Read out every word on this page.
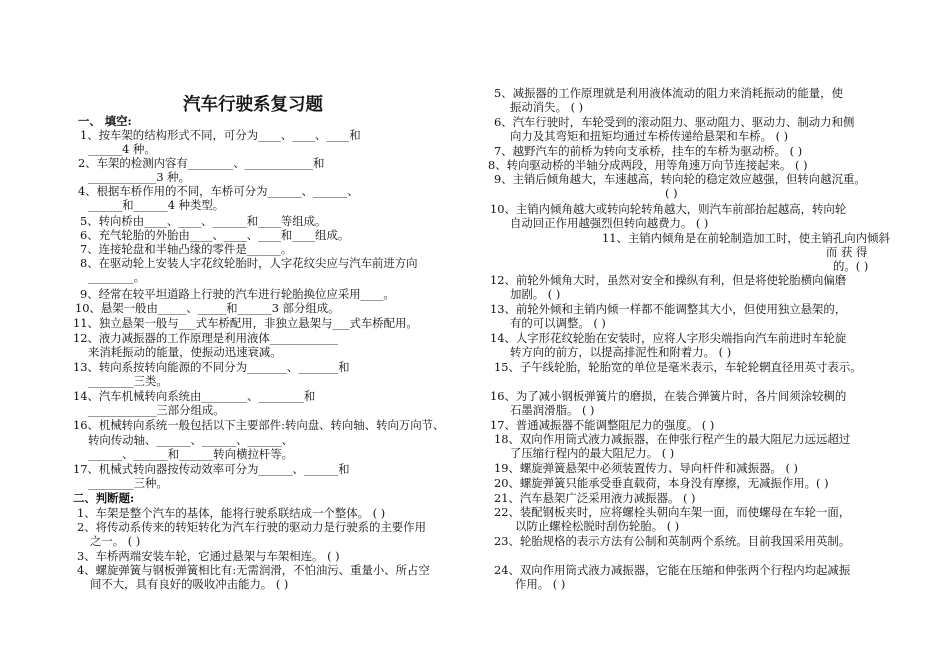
汽车行驶系复习题
一、 填空:
1、按车架的结构形式不同，可分为____、____、____和
______4 种。
2、车架的检测内容有________、____________和
____________3 种。
4、根据车桥作用的不同，车桥可分为______、______、
______和______4 种类型。
5、转向桥由____、____、______和____等组成。
6、充气轮胎的外胎由____、____、____和____组成。
7、连接轮盘和半轴凸缘的零件是______。
8、在驱动轮上安装人字花纹轮胎时，人字花纹尖应与汽车前进方向
________。
9、经常在较平坦道路上行驶的汽车进行轮胎换位应采用____。
10、悬架一般由_____、_____和______3 部分组成。
11、独立悬架一般与___式车桥配用，非独立悬架与___式车桥配用。
12、液力减振器的工作原理是利用液体____________
来消耗振动的能量，使振动迅速衰减。
13、转向系按转向能源的不同分为_______、_______和
________三类。
14、汽车机械转向系统由________、________和
____________三部分组成。
16、机械转向系统一般包括以下主要部件:转向盘、转向轴、转向万向节、
转向传动轴、______、______、______、
______、______和______转向横拉杆等。
17、机械式转向器按传动效率可分为______、______和
________三种。
二、判断题:
1、车架是整个汽车的基体，能将行驶系联结成一个整体。 ( )
2、将传动系传来的转矩转化为汽车行驶的驱动力是行驶系的主要作用
之一。 ( )
3、车桥两端安装车轮，它通过悬架与车架相连。 ( )
4、螺旋弹簧与钢板弹簧相比有:无需润滑，不怕油污、重量小、所占空
间不大，具有良好的吸收冲击能力。 ( )
5、减振器的工作原理就是利用液体流动的阻力来消耗振动的能量，使
振动消失。 ( )
6、汽车行驶时，车轮受到的滚动阻力、驱动阻力、驱动力、制动力和侧
向力及其弯矩和扭矩均通过车桥传递给悬架和车桥。 ( )
7、越野汽车的前桥为转向支承桥，挂车的车桥为驱动桥。 ( )
8、转向驱动桥的半轴分成两段，用等角速万向节连接起来。 ( )
9、主销后倾角越大，车速越高，转向轮的稳定效应越强，但转向越沉重。
( )
10、主销内倾角越大或转向轮转角越大，则汽车前部抬起越高，转向轮
自动回正作用越强烈但转向越费力。 ( )
11、主销内倾角是在前轮制造加工时，使主销孔向内倾斜
而 获 得
的。( )
12、前轮外倾角大时，虽然对安全和操纵有利，但是将使轮胎横向偏磨
加剧。 ( )
13、前轮外倾和主销内倾一样都不能调整其大小，但使用独立悬架的，
有的可以调整。 ( )
14、人字形花纹轮胎在安装时，应将人字形尖端指向汽车前进时车轮旋
转方向的前方，以提高排泥性和附着力。 ( )
15、子午线轮胎，轮胎宽的单位是毫米表示，车轮轮辋直径用英寸表示。
16、为了减小钢板弹簧片的磨损，在装合弹簧片时，各片间须涂较稠的
石墨润滑脂。 ( )
17、普通减振器不能调整阻尼力的强度。 ( )
18、双向作用筒式液力减振器，在伸张行程产生的最大阻尼力远远超过
了压缩行程内的最大阻尼力。 ( )
19、螺旋弹簧悬架中必须装置传力、导向杆件和减振器。 ( )
20、螺旋弹簧只能承受垂直载荷，本身没有摩擦，无减振作用。( )
21、汽车悬架广泛采用液力减振器。 ( )
22、装配钢板夹时，应将螺栓头朝向车架一面，而使螺母在车轮一面，
以防止螺栓松脱时刮伤轮胎。 ( )
23、轮胎规格的表示方法有公制和英制两个系统。目前我国采用英制。
24、双向作用筒式液力减振器，它能在压缩和伸张两个行程内均起减振
作用。 ( )
